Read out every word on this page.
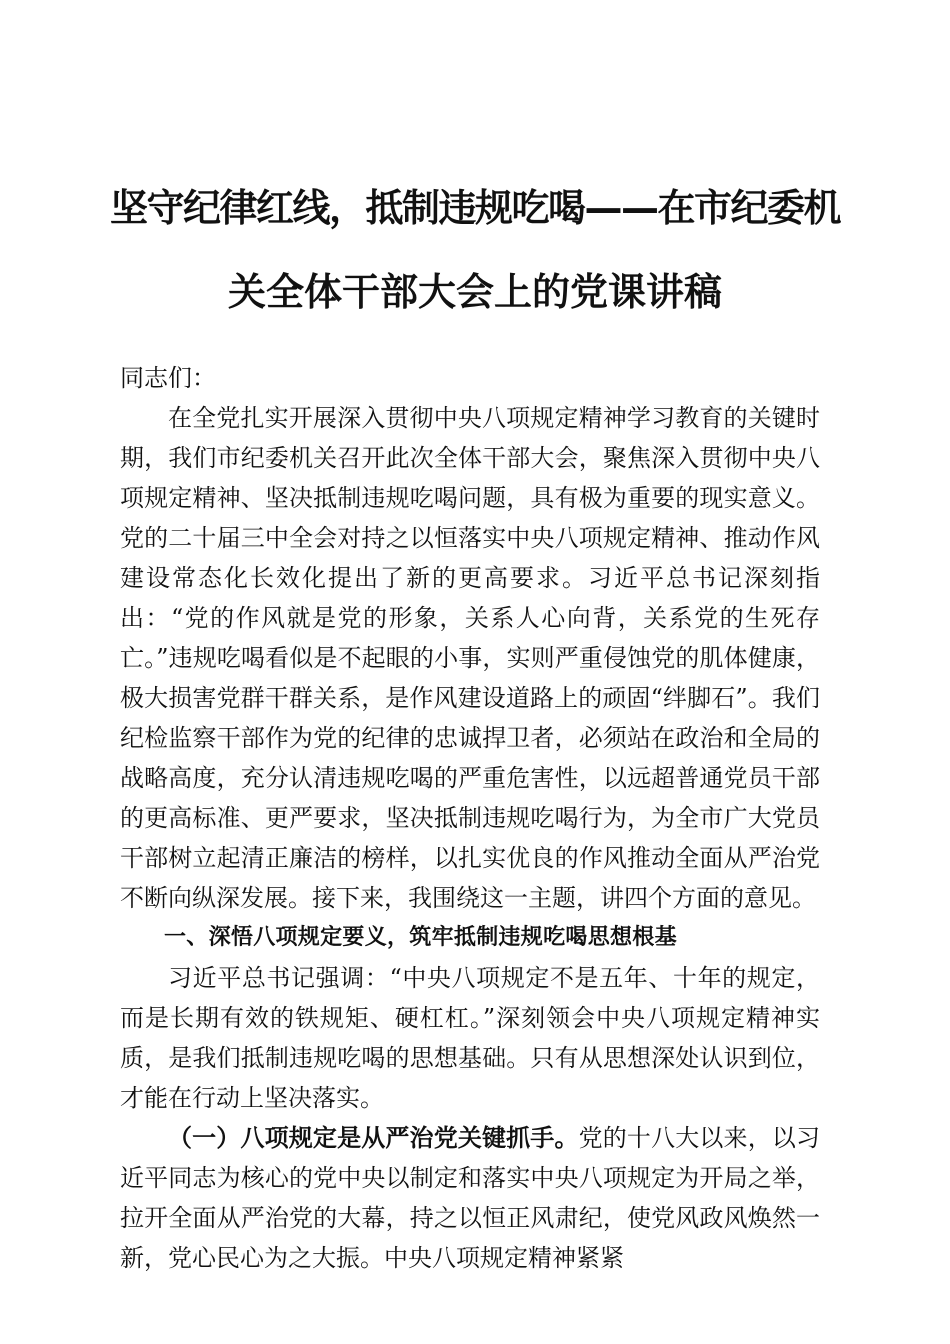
坚守纪律红线，抵制违规吃喝——在市纪委机
关全体干部大会上的党课讲稿

同志们：

在全党扎实开展深入贯彻中央八项规定精神学习教育的关键时期，我们市纪委机关召开此次全体干部大会，聚焦深入贯彻中央八项规定精神、坚决抵制违规吃喝问题，具有极为重要的现实意义。党的二十届三中全会对持之以恒落实中央八项规定精神、推动作风建设常态化长效化提出了新的更高要求。习近平总书记深刻指出：“党的作风就是党的形象，关系人心向背，关系党的生死存亡。”违规吃喝看似是不起眼的小事，实则严重侵蚀党的肌体健康，极大损害党群干群关系，是作风建设道路上的顽固“绊脚石”。我们纪检监察干部作为党的纪律的忠诚捍卫者，必须站在政治和全局的战略高度，充分认清违规吃喝的严重危害性，以远超普通党员干部的更高标准、更严要求，坚决抵制违规吃喝行为，为全市广大党员干部树立起清正廉洁的榜样，以扎实优良的作风推动全面从严治党不断向纵深发展。接下来，我围绕这一主题，讲四个方面的意见。

一、深悟八项规定要义，筑牢抵制违规吃喝思想根基

习近平总书记强调：“中央八项规定不是五年、十年的规定，而是长期有效的铁规矩、硬杠杠。”深刻领会中央八项规定精神实质，是我们抵制违规吃喝的思想基础。只有从思想深处认识到位，才能在行动上坚决落实。

（一）八项规定是从严治党关键抓手。党的十八大以来，以习近平同志为核心的党中央以制定和落实中央八项规定为开局之举，拉开全面从严治党的大幕，持之以恒正风肃纪，使党风政风焕然一新，党心民心为之大振。中央八项规定精神紧紧
